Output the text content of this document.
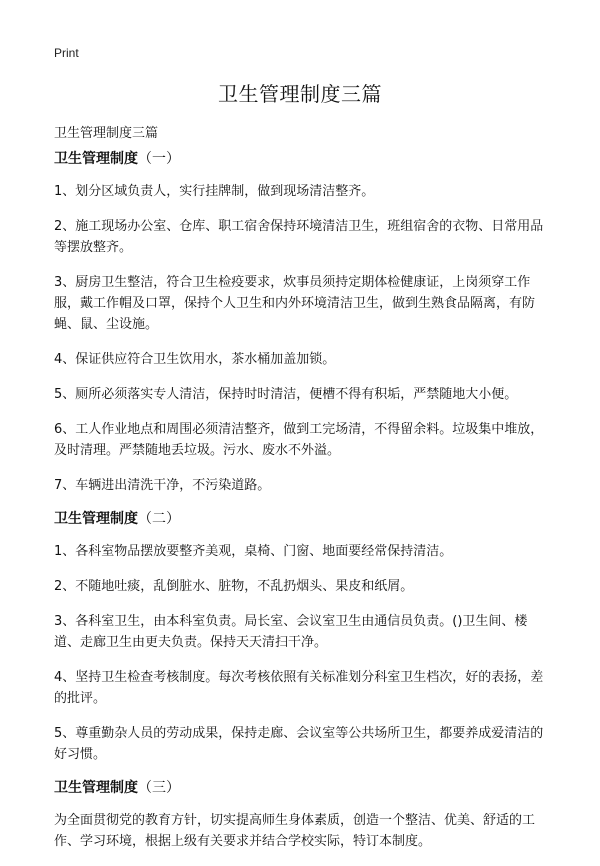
Print
卫生管理制度三篇

卫生管理制度三篇

卫生管理制度（一）

1、划分区域负责人，实行挂牌制，做到现场清洁整齐。

2、施工现场办公室、仓库、职工宿舍保持环境清洁卫生，班组宿舍的衣物、日常用品等摆放整齐。

3、厨房卫生整洁，符合卫生检疫要求，炊事员须持定期体检健康证，上岗须穿工作服，戴工作帽及口罩，保持个人卫生和内外环境清洁卫生，做到生熟食品隔离，有防蝇、鼠、尘设施。

4、保证供应符合卫生饮用水，茶水桶加盖加锁。

5、厕所必须落实专人清洁，保持时时清洁，便槽不得有积垢，严禁随地大小便。

6、工人作业地点和周围必须清洁整齐，做到工完场清，不得留余料。垃圾集中堆放，及时清理。严禁随地丢垃圾。污水、废水不外溢。

7、车辆进出清洗干净，不污染道路。

卫生管理制度（二）

1、各科室物品摆放要整齐美观，桌椅、门窗、地面要经常保持清洁。

2、不随地吐痰，乱倒脏水、脏物，不乱扔烟头、果皮和纸屑。

3、各科室卫生，由本科室负责。局长室、会议室卫生由通信员负责。()卫生间、楼道、走廊卫生由更夫负责。保持天天清扫干净。

4、坚持卫生检查考核制度。每次考核依照有关标准划分科室卫生档次，好的表扬，差的批评。

5、尊重勤杂人员的劳动成果，保持走廊、会议室等公共场所卫生，都要养成爱清洁的好习惯。

卫生管理制度（三）

为全面贯彻党的教育方针，切实提高师生身体素质，创造一个整洁、优美、舒适的工作、学习环境，根据上级有关要求并结合学校实际，特订本制度。
